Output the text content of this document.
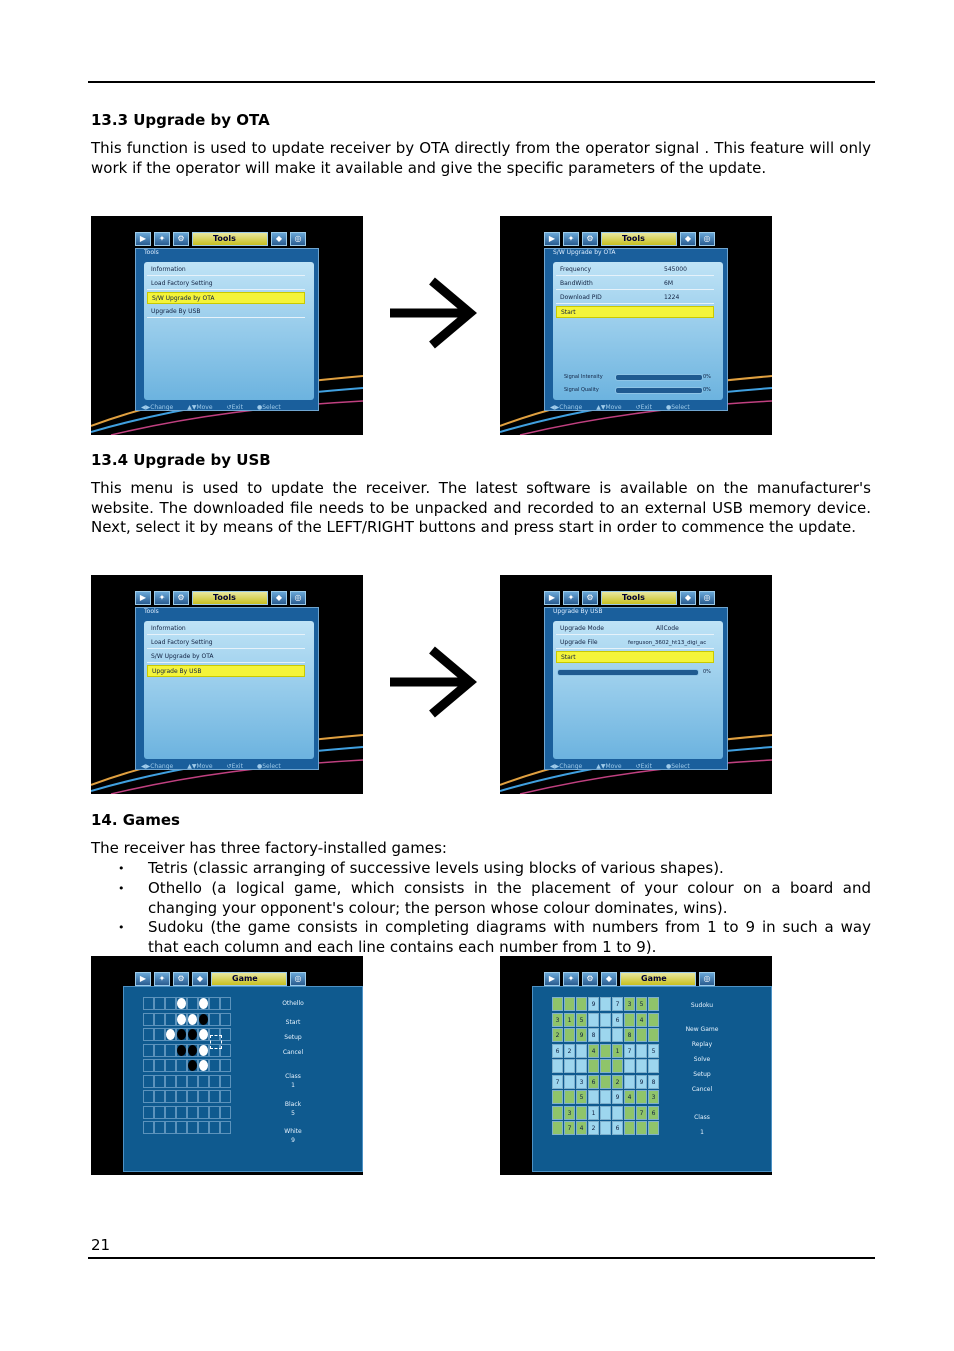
13.3 Upgrade by OTA
This function is used to update receiver by OTA directly from the operator signal . This feature will only work if the operator will make it available and give the specific parameters of the update.
▶	✦	⚙	Tools	◆	◎
Tools
Information
Load Factory Setting
S/W Upgrade by OTA
Upgrade By USB
◀▶Change ▲▼Move ↺Exit ●Select
▶	✦	⚙	Tools	◆	◎
S/W Upgrade by OTA
Frequency	545000
BandWidth	6M
Download PID	1224
Start
Signal Intensity	0%
Signal Quality	0%
◀▶Change ▲▼Move ↺Exit ●Select
13.4 Upgrade by USB
This menu is used to update the receiver. The latest software is available on the manufacturer's website. The downloaded file needs to be unpacked and recorded to an external USB memory device. Next, select it by means of the LEFT/RIGHT buttons and press start in order to commence the update.
▶	✦	⚙	Tools	◆	◎
Tools
Information
Load Factory Setting
S/W Upgrade by OTA
Upgrade By USB
◀▶Change ▲▼Move ↺Exit ●Select
▶	✦	⚙	Tools	◆	◎
Upgrade By USB
Upgrade Mode	AllCode
Upgrade File	ferguson_3602_ht13_digi_ac
Start
0%
◀▶Change ▲▼Move ↺Exit ●Select
14. Games
The receiver has three factory-installed games:
• Tetris (classic arranging of successive levels using blocks of various shapes).
• Othello (a logical game, which consists in the placement of your colour on a board and changing your opponent's colour; the person whose colour dominates, wins).
• Sudoku (the game consists in completing diagrams with numbers from 1 to 9 in such a way that each column and each line contains each number from 1 to 9).
▶	✦	⚙	◆	Game	◎
Othello
Start
Setup
Cancel
Class
1
Black
5
White
9
▶	✦	⚙	◆	Game	◎
9	7	3	5
3	1	5	6	4
2	9	8	8
6	2	4	1	7	5
7	3	6	2	9	8
5	9	4	3
3	1	7	6
7	4	2	6
Sudoku
New Game
Replay
Solve
Setup
Cancel
Class
1
21
